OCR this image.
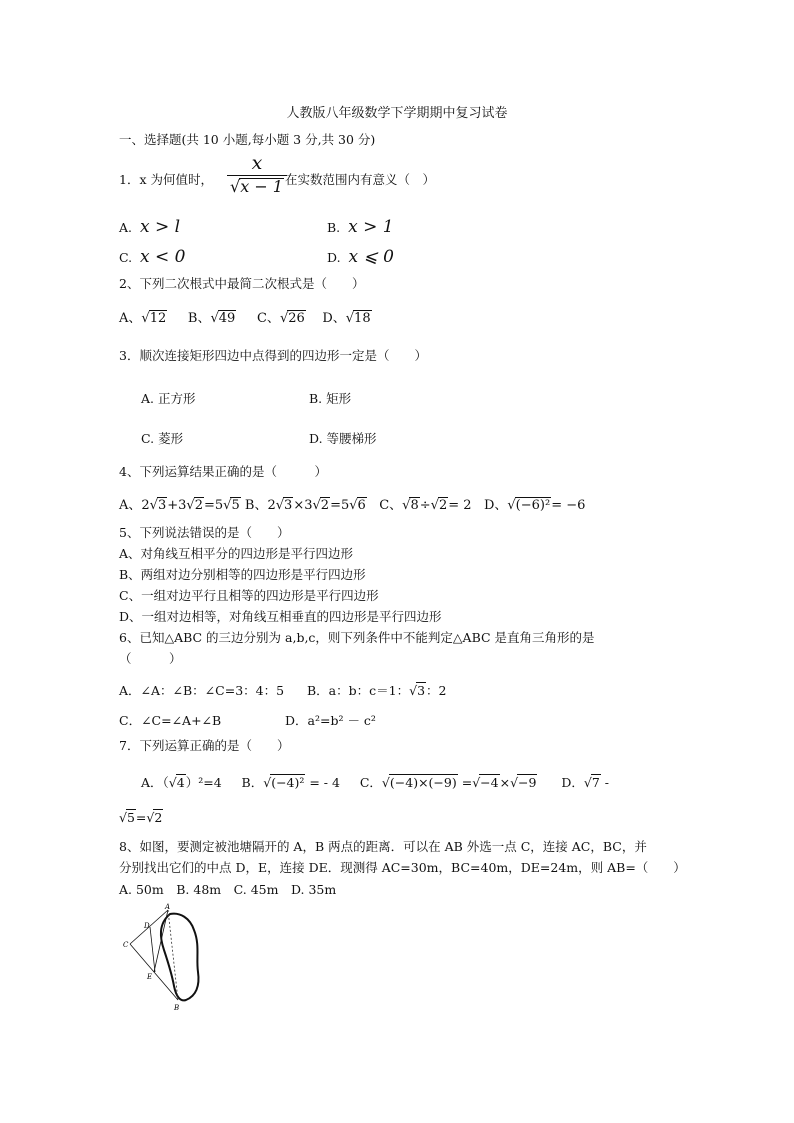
人教版八年级数学下学期期中复习试卷
一、选择题(共 10 小题,每小题 3 分,共 30 分)
1．x 为何值时，
x
√x − 1 在实数范围内有意义（　）
A. x > l	B. x > 1
C. x < 0	D. x ⩽ 0
2、下列二次根式中最简二次根式是（　　）
A、√12 B、√49 C、√26 D、√18
3．顺次连接矩形四边中点得到的四边形一定是（　　）
A. 正方形	B. 矩形
C. 菱形	D. 等腰梯形
4、下列运算结果正确的是（　　　）
A、2√3+3√2=5√5 B、2√3×3√2=5√6 C、√8÷√2= 2 D、√(−6)²= −6
5、下列说法错误的是（　　）
A、对角线互相平分的四边形是平行四边形
B、两组对边分别相等的四边形是平行四边形
C、一组对边平行且相等的四边形是平行四边形
D、一组对边相等，对角线互相垂直的四边形是平行四边形
6、已知△ABC 的三边分别为 a,b,c，则下列条件中不能判定△ABC 是直角三角形的是
（　　　）
A．∠A：∠B：∠C=3：4：5 B．a：b：c＝1：√3：2
C．∠C=∠A+∠B	D．a²=b² － c²
7．下列运算正确的是（　　）
A．（√4）²=4 B．√(−4)² = - 4 C．√(−4)×(−9) =√−4×√−9 D．√7 -
√5=√2
8、如图，要测定被池塘隔开的 A，B 两点的距离．可以在 AB 外选一点 C，连接 AC，BC，并
分别找出它们的中点 D，E，连接 DE．现测得 AC=30m，BC=40m，DE=24m，则 AB=（　　）
A. 50m　B. 48m　C. 45m　D. 35m
A
B
C
D
E
